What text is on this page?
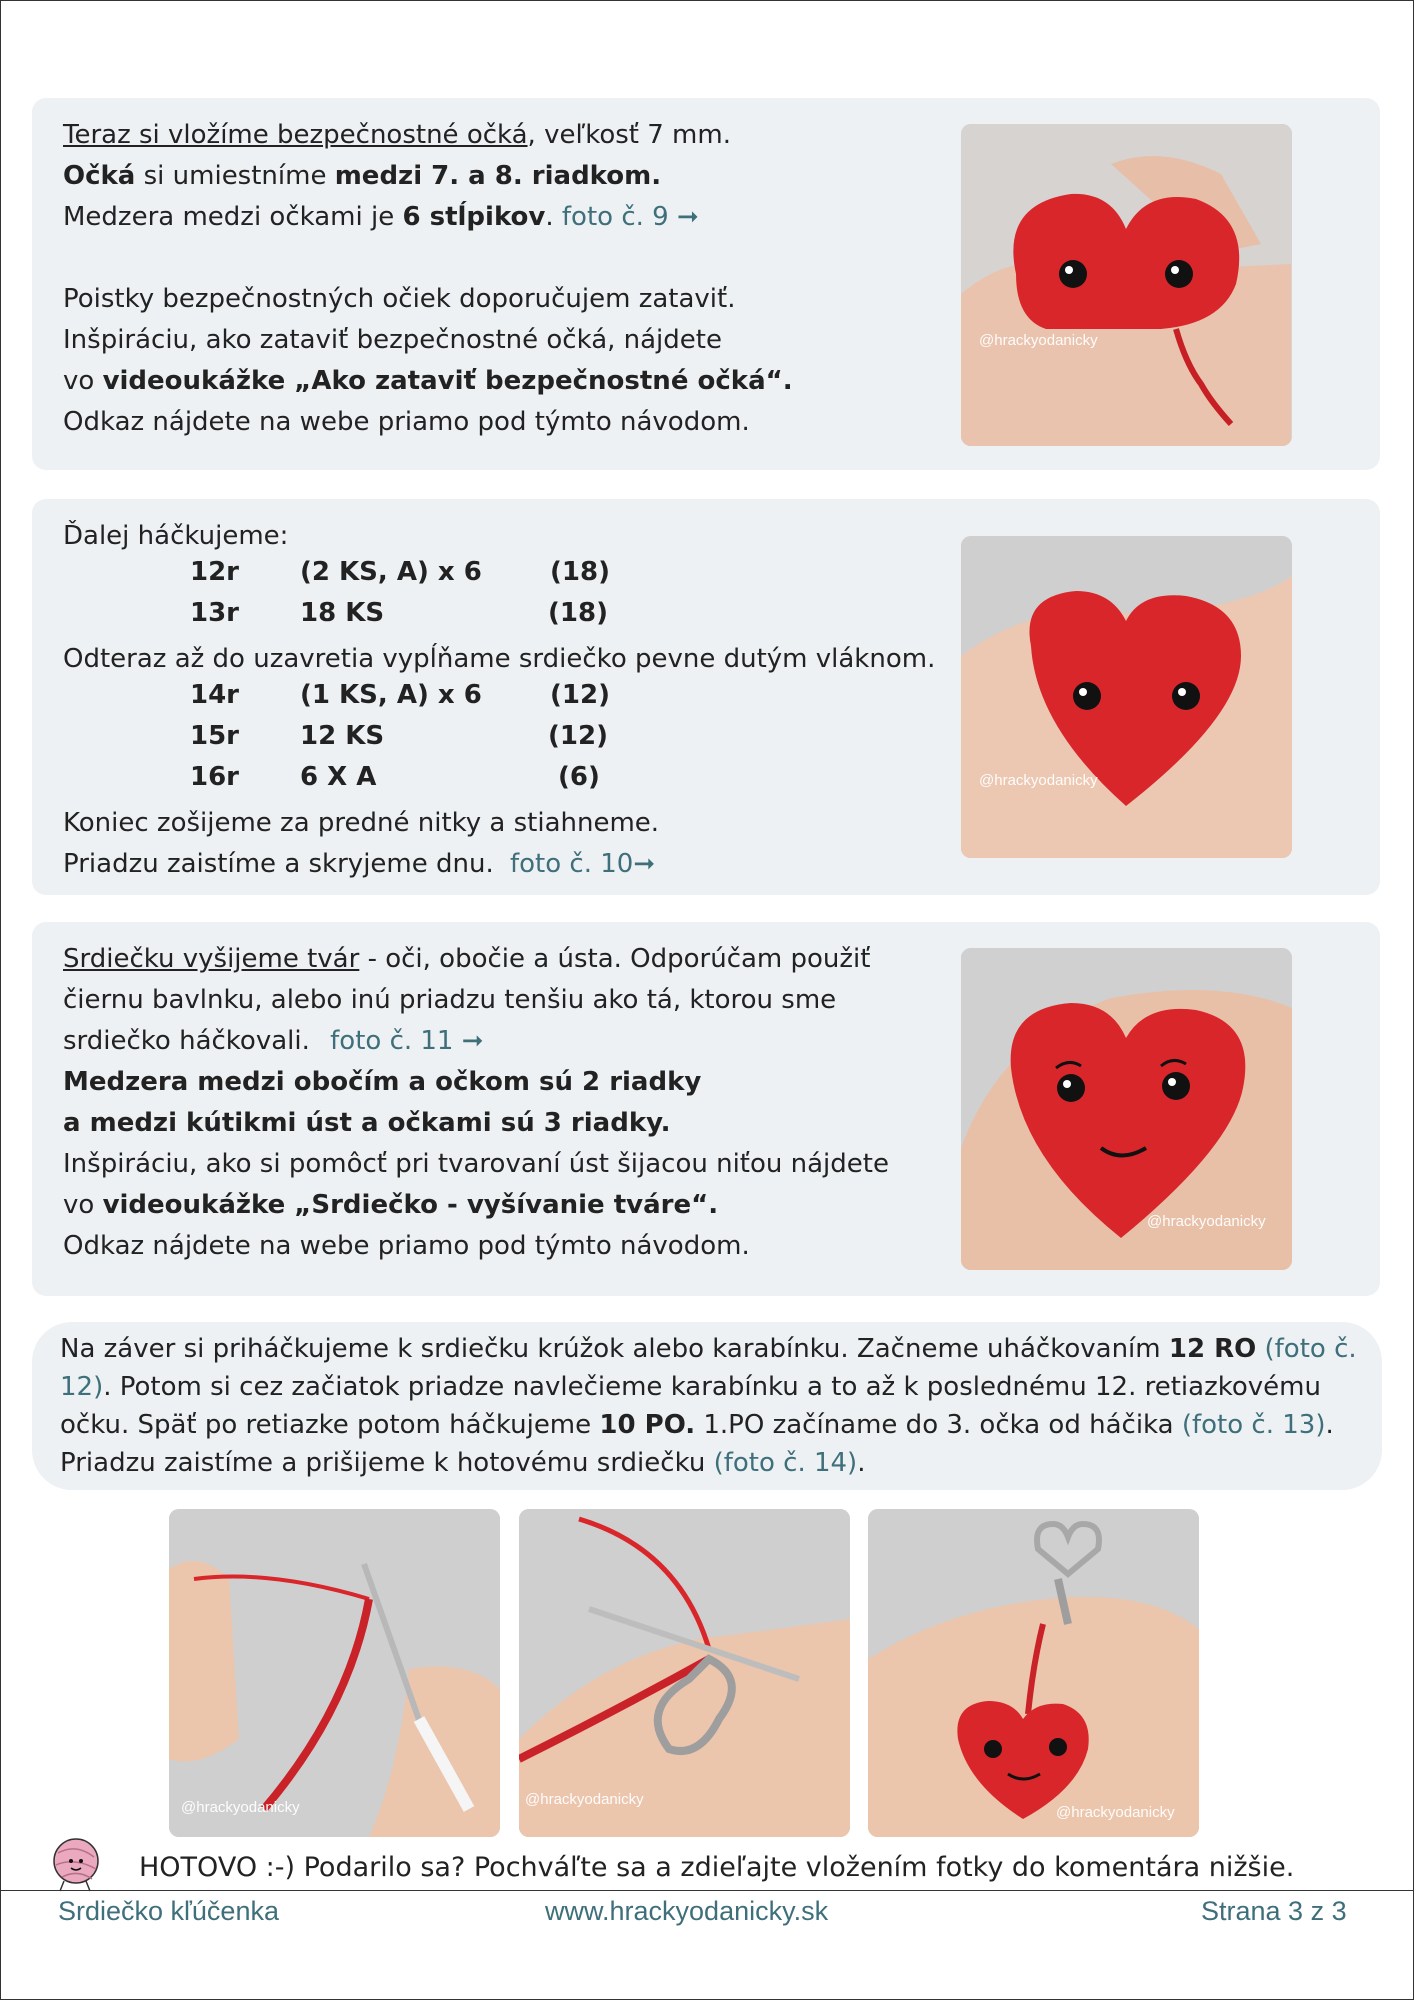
Teraz si vložíme bezpečnostné očká, veľkosť 7 mm.
Očká si umiestníme medzi 7. a 8. riadkom.
Medzera medzi očkami je 6 stĺpikov. foto č. 9 ➞
Poistky bezpečnostných očiek doporučujem zataviť.
Inšpiráciu, ako zataviť bezpečnostné očká, nájdete
vo videoukážke „Ako zataviť bezpečnostné očká“.
Odkaz nájdete na webe priamo pod týmto návodom.
@hrackyodanicky
Ďalej háčkujeme:
12r (2 KS, A) x 6	(18)
13r 18 KS	(18)
Odteraz až do uzavretia vypĺňame srdiečko pevne dutým vláknom.
14r (1 KS, A) x 6	(12)
15r 12 KS	(12)
16r 6 X A	(6)
Koniec zošijeme za predné nitky a stiahneme.
Priadzu zaistíme a skryjeme dnu. foto č. 10➞
@hrackyodanicky
Srdiečku vyšijeme tvár - oči, obočie a ústa. Odporúčam použiť
čiernu bavlnku, alebo inú priadzu tenšiu ako tá, ktorou sme
srdiečko háčkovali. foto č. 11 ➞
Medzera medzi obočím a očkom sú 2 riadky
a medzi kútikmi úst a očkami sú 3 riadky.
Inšpiráciu, ako si pomôcť pri tvarovaní úst šijacou niťou nájdete
vo videoukážke „Srdiečko - vyšívanie tváre“.
Odkaz nájdete na webe priamo pod týmto návodom.
@hrackyodanicky
Na záver si priháčkujeme k srdiečku krúžok alebo karabínku. Začneme uháčkovaním 12 RO (foto č. 12). Potom si cez začiatok priadze navlečieme karabínku a to až k poslednému 12. retiazkovému očku. Späť po retiazke potom háčkujeme 10 PO. 1.PO začíname do 3. očka od háčika (foto č. 13). Priadzu zaistíme a prišijeme k hotovému srdiečku (foto č. 14).
@hrackyodanicky	@hrackyodanicky
@hrackyodanicky
HOTOVO :-) Podarilo sa? Pochváľte sa a zdieľajte vložením fotky do komentára nižšie.
Srdiečko kľúčenka	www.hrackyodanicky.sk	Strana 3 z 3
